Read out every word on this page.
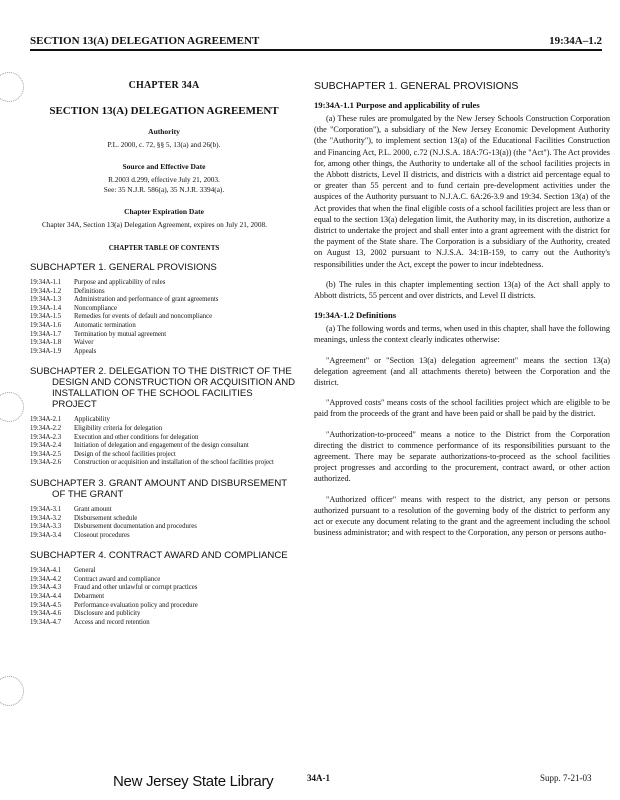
SECTION 13(A) DELEGATION AGREEMENT	19:34A–1.2
CHAPTER 34A
SECTION 13(A) DELEGATION AGREEMENT
Authority
P.L. 2000, c. 72, §§ 5, 13(a) and 26(b).
Source and Effective Date
R.2003 d.299, effective July 21, 2003.
See: 35 N.J.R. 586(a), 35 N.J.R. 3394(a).
Chapter Expiration Date
Chapter 34A, Section 13(a) Delegation Agreement, expires on July 21, 2008.
CHAPTER TABLE OF CONTENTS
SUBCHAPTER 1. GENERAL PROVISIONS
19:34A-1.1	Purpose and applicability of rules
19:34A-1.2	Definitions
19:34A-1.3	Administration and performance of grant agreements
19:34A-1.4	Noncompliance
19:34A-1.5	Remedies for events of default and noncompliance
19:34A-1.6	Automatic termination
19:34A-1.7	Termination by mutual agreement
19:34A-1.8	Waiver
19:34A-1.9	Appeals
SUBCHAPTER 2. DELEGATION TO THE DISTRICT OF THE DESIGN AND CONSTRUCTION OR ACQUISITION AND INSTALLATION OF THE SCHOOL FACILITIES PROJECT
19:34A-2.1	Applicability
19:34A-2.2	Eligibility criteria for delegation
19:34A-2.3	Execution and other conditions for delegation
19:34A-2.4	Initiation of delegation and engagement of the design consultant
19:34A-2.5	Design of the school facilities project
19:34A-2.6	Construction or acquisition and installation of the school facilities project
SUBCHAPTER 3. GRANT AMOUNT AND DISBURSEMENT OF THE GRANT
19:34A-3.1	Grant amount
19:34A-3.2	Disbursement schedule
19:34A-3.3	Disbursement documentation and procedures
19:34A-3.4	Closeout procedures
SUBCHAPTER 4. CONTRACT AWARD AND COMPLIANCE
19:34A-4.1	General
19:34A-4.2	Contract award and compliance
19:34A-4.3	Fraud and other unlawful or corrupt practices
19:34A-4.4	Debarment
19:34A-4.5	Performance evaluation policy and procedure
19:34A-4.6	Disclosure and publicity
19:34A-4.7	Access and record retention
SUBCHAPTER 1. GENERAL PROVISIONS
19:34A-1.1 Purpose and applicability of rules

(a) These rules are promulgated by the New Jersey Schools Construction Corporation (the "Corporation"), a subsidiary of the New Jersey Economic Development Authority (the "Authority"), to implement section 13(a) of the Educational Facilities Construction and Financing Act, P.L. 2000, c.72 (N.J.S.A. 18A:7G-13(a)) (the "Act"). The Act provides for, among other things, the Authority to undertake all of the school facilities projects in the Abbott districts, Level II districts, and districts with a district aid percentage equal to or greater than 55 percent and to fund certain pre-development activities under the auspices of the Authority pursuant to N.J.A.C. 6A:26-3.9 and 19:34. Section 13(a) of the Act provides that when the final eligible costs of a school facilities project are less than or equal to the section 13(a) delegation limit, the Authority may, in its discretion, authorize a district to undertake the project and shall enter into a grant agreement with the district for the payment of the State share. The Corporation is a subsidiary of the Authority, created on August 13, 2002 pursuant to N.J.S.A. 34:1B-159, to carry out the Authority's responsibilities under the Act, except the power to incur indebtedness.

(b) The rules in this chapter implementing section 13(a) of the Act shall apply to Abbott districts, 55 percent and over districts, and Level II districts.

19:34A-1.2 Definitions

(a) The following words and terms, when used in this chapter, shall have the following meanings, unless the context clearly indicates otherwise:

"Agreement" or "Section 13(a) delegation agreement" means the section 13(a) delegation agreement (and all attachments thereto) between the Corporation and the district.

"Approved costs" means costs of the school facilities project which are eligible to be paid from the proceeds of the grant and have been paid or shall be paid by the district.

"Authorization-to-proceed" means a notice to the District from the Corporation directing the district to commence performance of its responsibilities pursuant to the agreement. There may be separate authorizations-to-proceed as the school facilities project progresses and according to the procurement, contract award, or other action authorized.

"Authorized officer" means with respect to the district, any person or persons authorized pursuant to a resolution of the governing body of the district to perform any act or execute any document relating to the grant and the agreement including the school business administrator; and with respect to the Corporation, any person or persons autho-

New Jersey State Library	34A-1	Supp. 7-21-03
